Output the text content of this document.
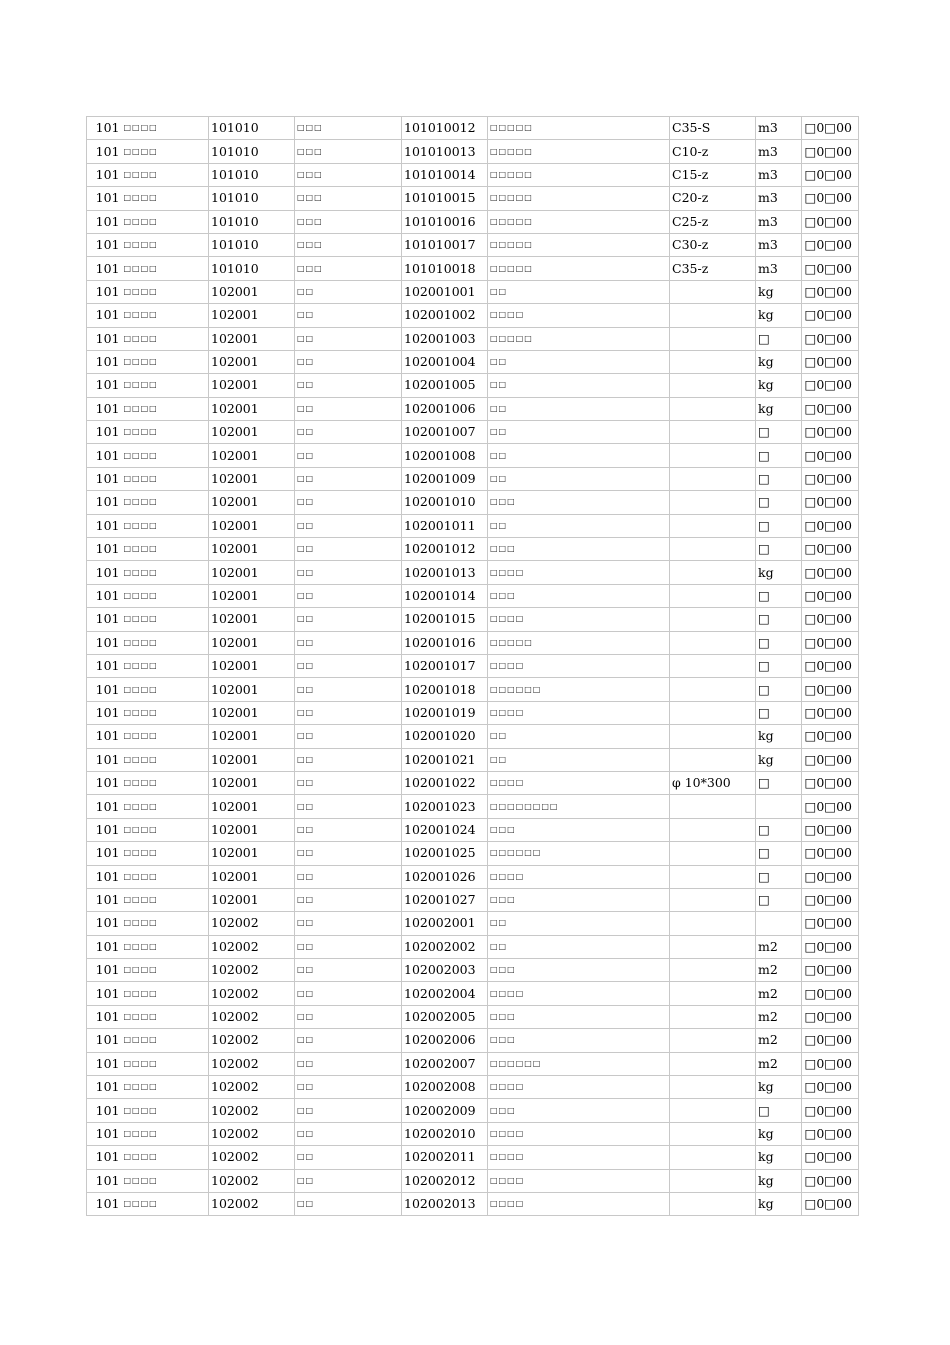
101	□□□□	101010	□□□	101010012	□□□□□	C35-S	m3	□0□00
101	□□□□	101010	□□□	101010013	□□□□□	C10-z	m3	□0□00
101	□□□□	101010	□□□	101010014	□□□□□	C15-z	m3	□0□00
101	□□□□	101010	□□□	101010015	□□□□□	C20-z	m3	□0□00
101	□□□□	101010	□□□	101010016	□□□□□	C25-z	m3	□0□00
101	□□□□	101010	□□□	101010017	□□□□□	C30-z	m3	□0□00
101	□□□□	101010	□□□	101010018	□□□□□	C35-z	m3	□0□00
101	□□□□	102001	□□	102001001	□□		kg	□0□00
101	□□□□	102001	□□	102001002	□□□□		kg	□0□00
101	□□□□	102001	□□	102001003	□□□□□		□	□0□00
101	□□□□	102001	□□	102001004	□□		kg	□0□00
101	□□□□	102001	□□	102001005	□□		kg	□0□00
101	□□□□	102001	□□	102001006	□□		kg	□0□00
101	□□□□	102001	□□	102001007	□□		□	□0□00
101	□□□□	102001	□□	102001008	□□		□	□0□00
101	□□□□	102001	□□	102001009	□□		□	□0□00
101	□□□□	102001	□□	102001010	□□□		□	□0□00
101	□□□□	102001	□□	102001011	□□		□	□0□00
101	□□□□	102001	□□	102001012	□□□		□	□0□00
101	□□□□	102001	□□	102001013	□□□□		kg	□0□00
101	□□□□	102001	□□	102001014	□□□		□	□0□00
101	□□□□	102001	□□	102001015	□□□□		□	□0□00
101	□□□□	102001	□□	102001016	□□□□□		□	□0□00
101	□□□□	102001	□□	102001017	□□□□		□	□0□00
101	□□□□	102001	□□	102001018	□□□□□□		□	□0□00
101	□□□□	102001	□□	102001019	□□□□		□	□0□00
101	□□□□	102001	□□	102001020	□□		kg	□0□00
101	□□□□	102001	□□	102001021	□□		kg	□0□00
101	□□□□	102001	□□	102001022	□□□□	φ 10*300	□	□0□00
101	□□□□	102001	□□	102001023	□□□□□□□□			□0□00
101	□□□□	102001	□□	102001024	□□□		□	□0□00
101	□□□□	102001	□□	102001025	□□□□□□		□	□0□00
101	□□□□	102001	□□	102001026	□□□□		□	□0□00
101	□□□□	102001	□□	102001027	□□□		□	□0□00
101	□□□□	102002	□□	102002001	□□			□0□00
101	□□□□	102002	□□	102002002	□□		m2	□0□00
101	□□□□	102002	□□	102002003	□□□		m2	□0□00
101	□□□□	102002	□□	102002004	□□□□		m2	□0□00
101	□□□□	102002	□□	102002005	□□□		m2	□0□00
101	□□□□	102002	□□	102002006	□□□		m2	□0□00
101	□□□□	102002	□□	102002007	□□□□□□		m2	□0□00
101	□□□□	102002	□□	102002008	□□□□		kg	□0□00
101	□□□□	102002	□□	102002009	□□□		□	□0□00
101	□□□□	102002	□□	102002010	□□□□		kg	□0□00
101	□□□□	102002	□□	102002011	□□□□		kg	□0□00
101	□□□□	102002	□□	102002012	□□□□		kg	□0□00
101	□□□□	102002	□□	102002013	□□□□		kg	□0□00
